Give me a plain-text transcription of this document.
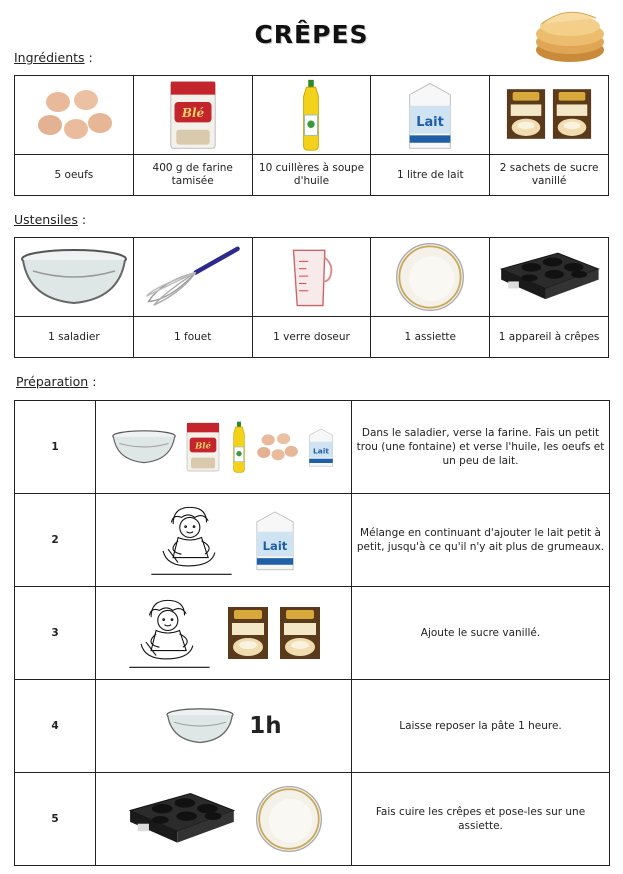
CRÊPES
Ingrédients :

5 oeufs	400 g de farine tamisée	10 cuillères à soupe d'huile	1 litre de lait	2 sachets de sucre vanillé
Ustensiles :

1 saladier	1 fouet	1 verre doseur	1 assiette	1 appareil à crêpes
Préparation :
1		Dans le saladier, verse la farine. Fais un petit trou (une fontaine) et verse l'huile, les oeufs et un peu de lait.
2		Mélange en continuant d'ajouter le lait petit à petit, jusqu'à ce qu'il n'y ait plus de grumeaux.
3		Ajoute le sucre vanillé.
4	1h	Laisse reposer la pâte 1 heure.
5		Fais cuire les crêpes et pose-les sur une assiette.
